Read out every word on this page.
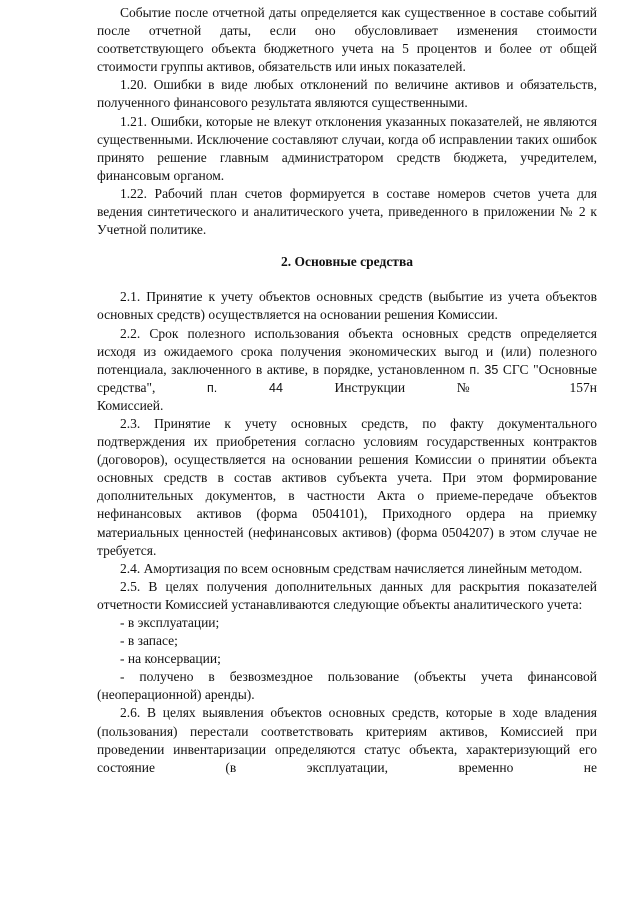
Событие после отчетной даты определяется как существенное в составе событий после отчетной даты, если оно обусловливает изменения стоимости соответствующего объекта бюджетного учета на 5 процентов и более от общей стоимости группы активов, обязательств или иных показателей.

1.20. Ошибки в виде любых отклонений по величине активов и обязательств, полученного финансового результата являются существенными.

1.21. Ошибки, которые не влекут отклонения указанных показателей, не являются существенными. Исключение составляют случаи, когда об исправлении таких ошибок принято решение главным администратором средств бюджета, учредителем, финансовым органом.

1.22. Рабочий план счетов формируется в составе номеров счетов учета для ведения синтетического и аналитического учета, приведенного в приложении № 2 к Учетной политике.

2. Основные средства

2.1. Принятие к учету объектов основных средств (выбытие из учета объектов основных средств) осуществляется на основании решения Комиссии.

2.2. Срок полезного использования объекта основных средств определяется исходя из ожидаемого срока получения экономических выгод и (или) полезного потенциала, заключенного в активе, в порядке, установленном п. 35 СГС "Основные средства",	п. 44	Инструкции № 157н

Комиссией.

2.3. Принятие к учету основных средств, по факту документального подтверждения их приобретения согласно условиям государственных контрактов (договоров), осуществляется на основании решения Комиссии о принятии объекта основных средств в состав активов субъекта учета. При этом формирование дополнительных документов, в частности Акта о приеме-передаче объектов нефинансовых активов (форма 0504101), Приходного ордера на приемку материальных ценностей (нефинансовых активов) (форма 0504207) в этом случае не требуется.

2.4. Амортизация по всем основным средствам начисляется линейным методом.

2.5. В целях получения дополнительных данных для раскрытия показателей отчетности Комиссией устанавливаются следующие объекты аналитического учета:

- в эксплуатации;

- в запасе;

- на консервации;

- получено в безвозмездное пользование (объекты учета финансовой (неоперационной) аренды).

2.6. В целях выявления объектов основных средств, которые в ходе владения (пользования) перестали соответствовать критериям активов, Комиссией при проведении инвентаризации определяются статус объекта, характеризующий его состояние (в эксплуатации, временно не
